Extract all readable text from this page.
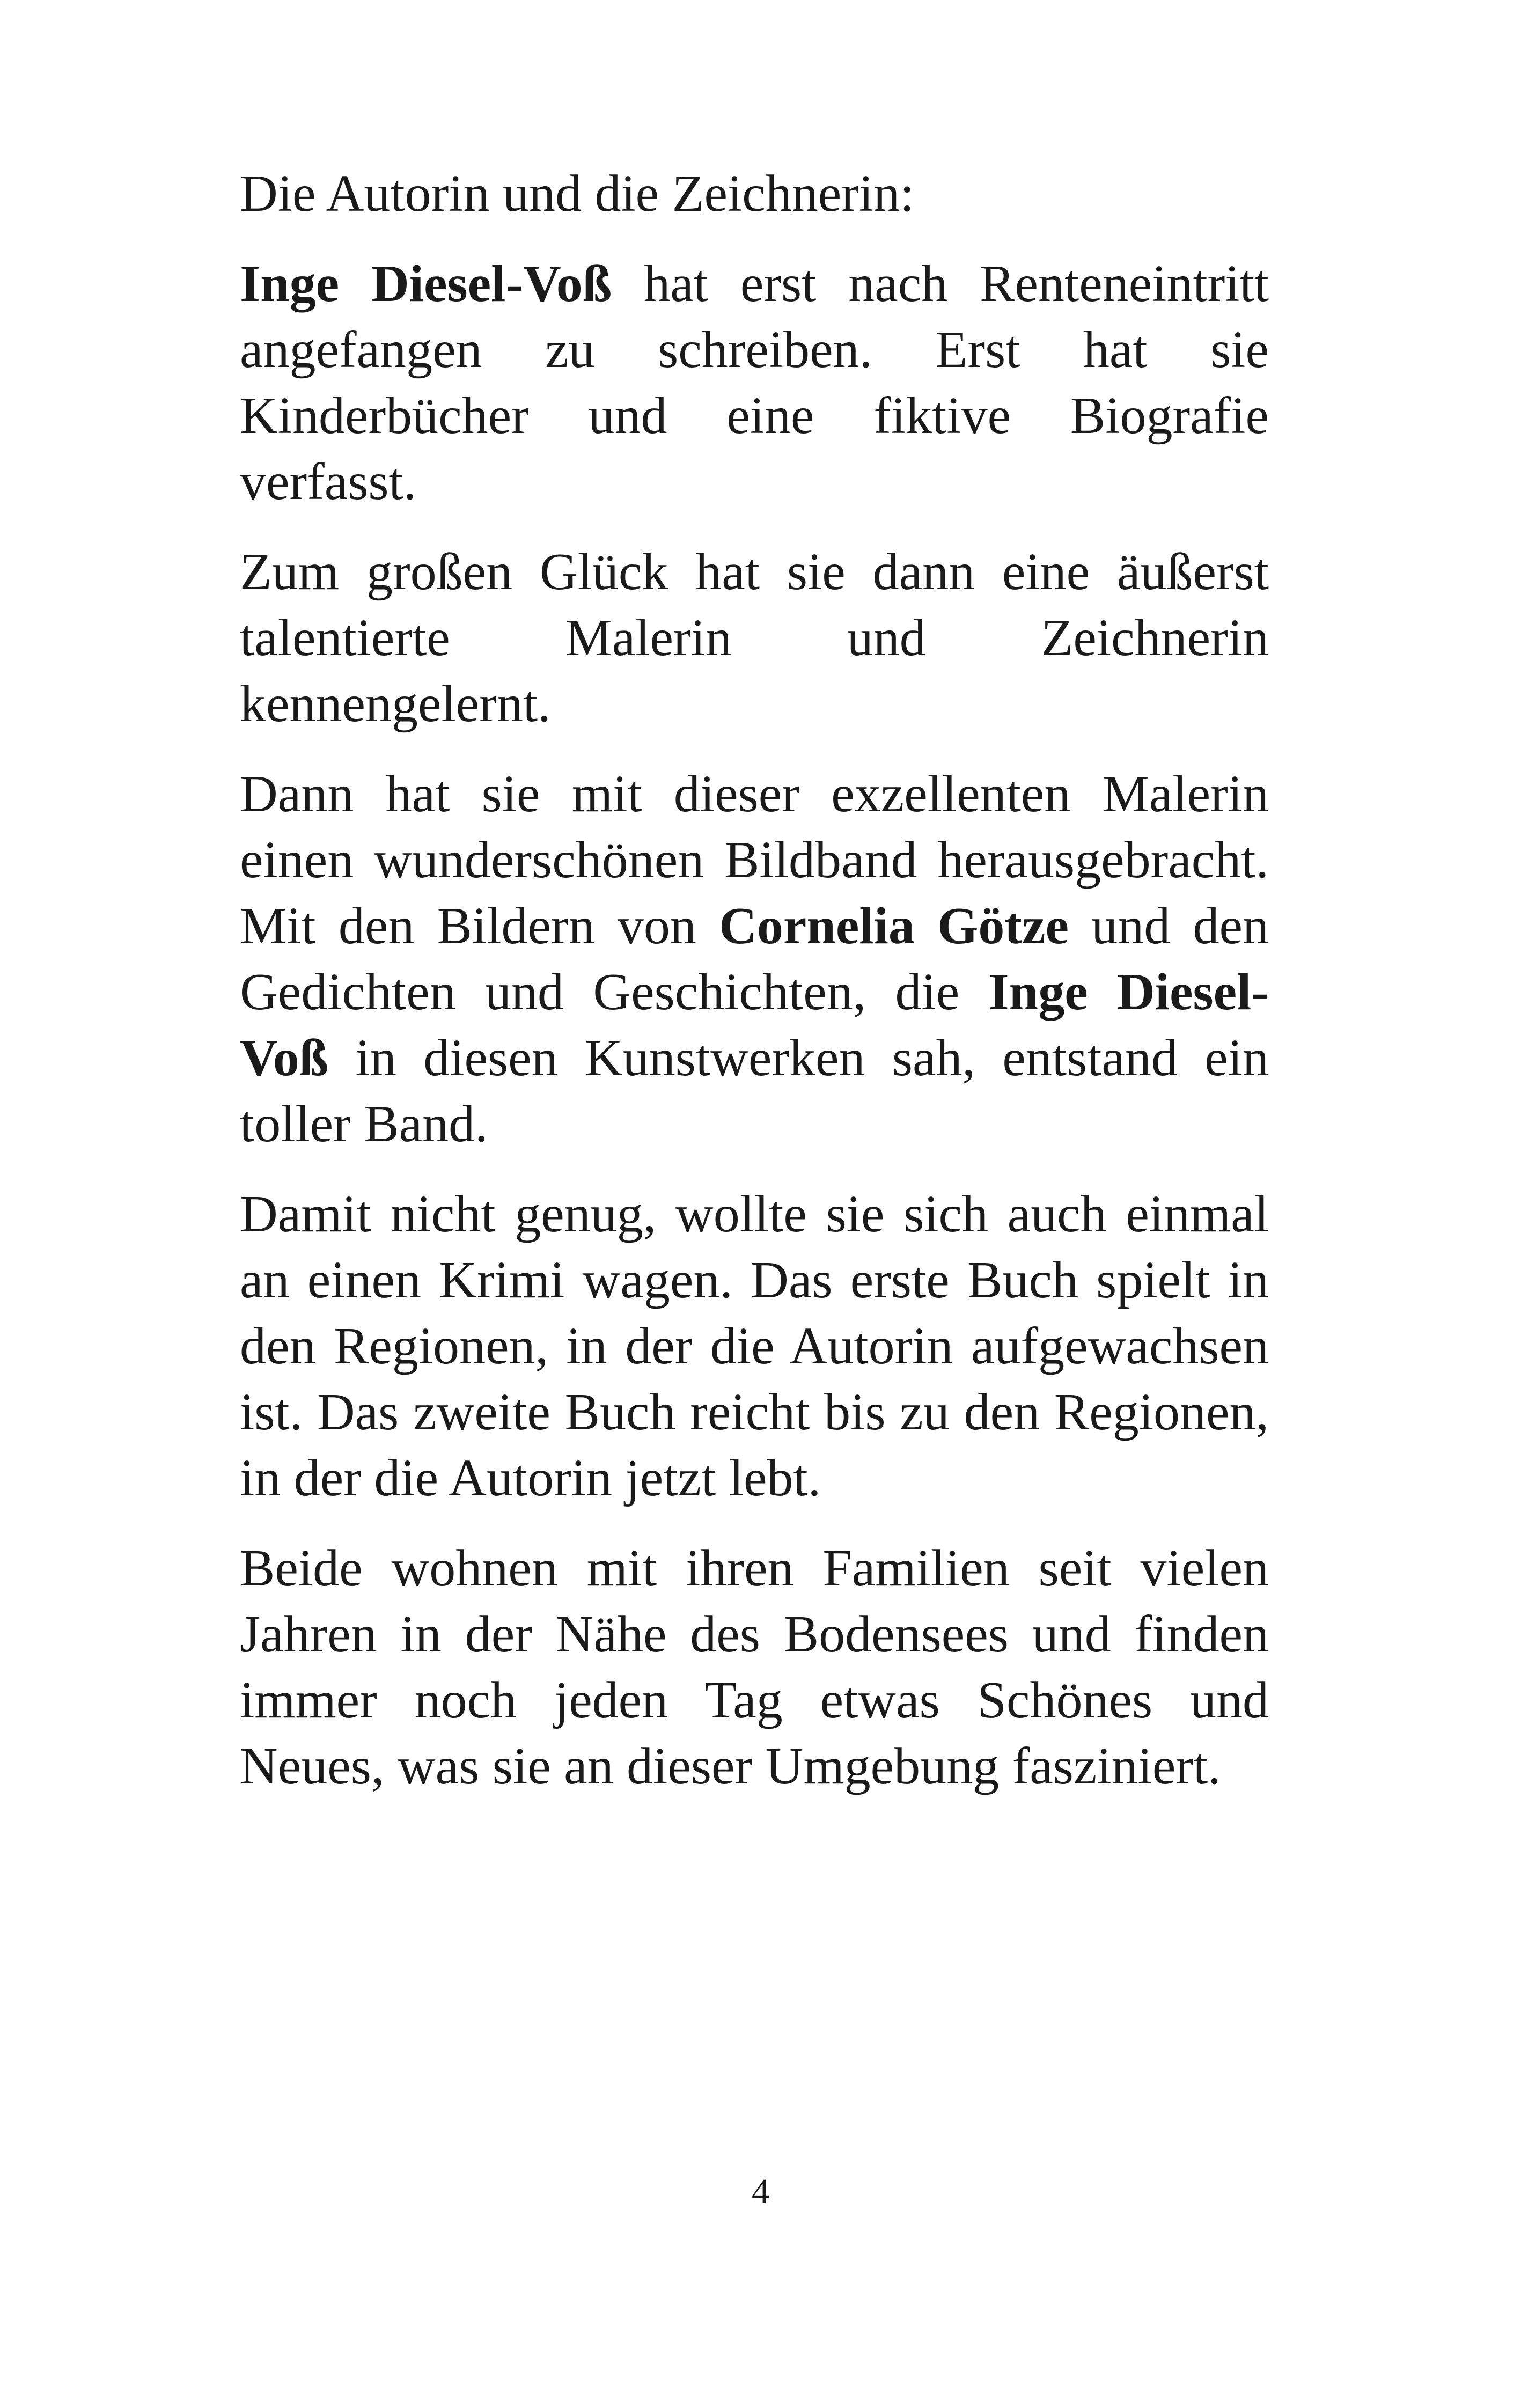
Die Autorin und die Zeichnerin:

Inge Diesel-Voß hat erst nach Renteneintritt angefangen zu schreiben. Erst hat sie Kinderbücher und eine fiktive Biografie verfasst.

Zum großen Glück hat sie dann eine äußerst talentierte Malerin und Zeichnerin kennengelernt.

Dann hat sie mit dieser exzellenten Malerin einen wunderschönen Bildband herausgebracht. Mit den Bildern von Cornelia Götze und den Gedichten und Geschichten, die Inge Diesel-Voß in diesen Kunstwerken sah, entstand ein toller Band.

Damit nicht genug, wollte sie sich auch einmal an einen Krimi wagen. Das erste Buch spielt in den Regionen, in der die Autorin aufgewachsen ist. Das zweite Buch reicht bis zu den Regionen, in der die Autorin jetzt lebt.

Beide wohnen mit ihren Familien seit vielen Jahren in der Nähe des Bodensees und finden immer noch jeden Tag etwas Schönes und Neues, was sie an dieser Umgebung fasziniert.

4
